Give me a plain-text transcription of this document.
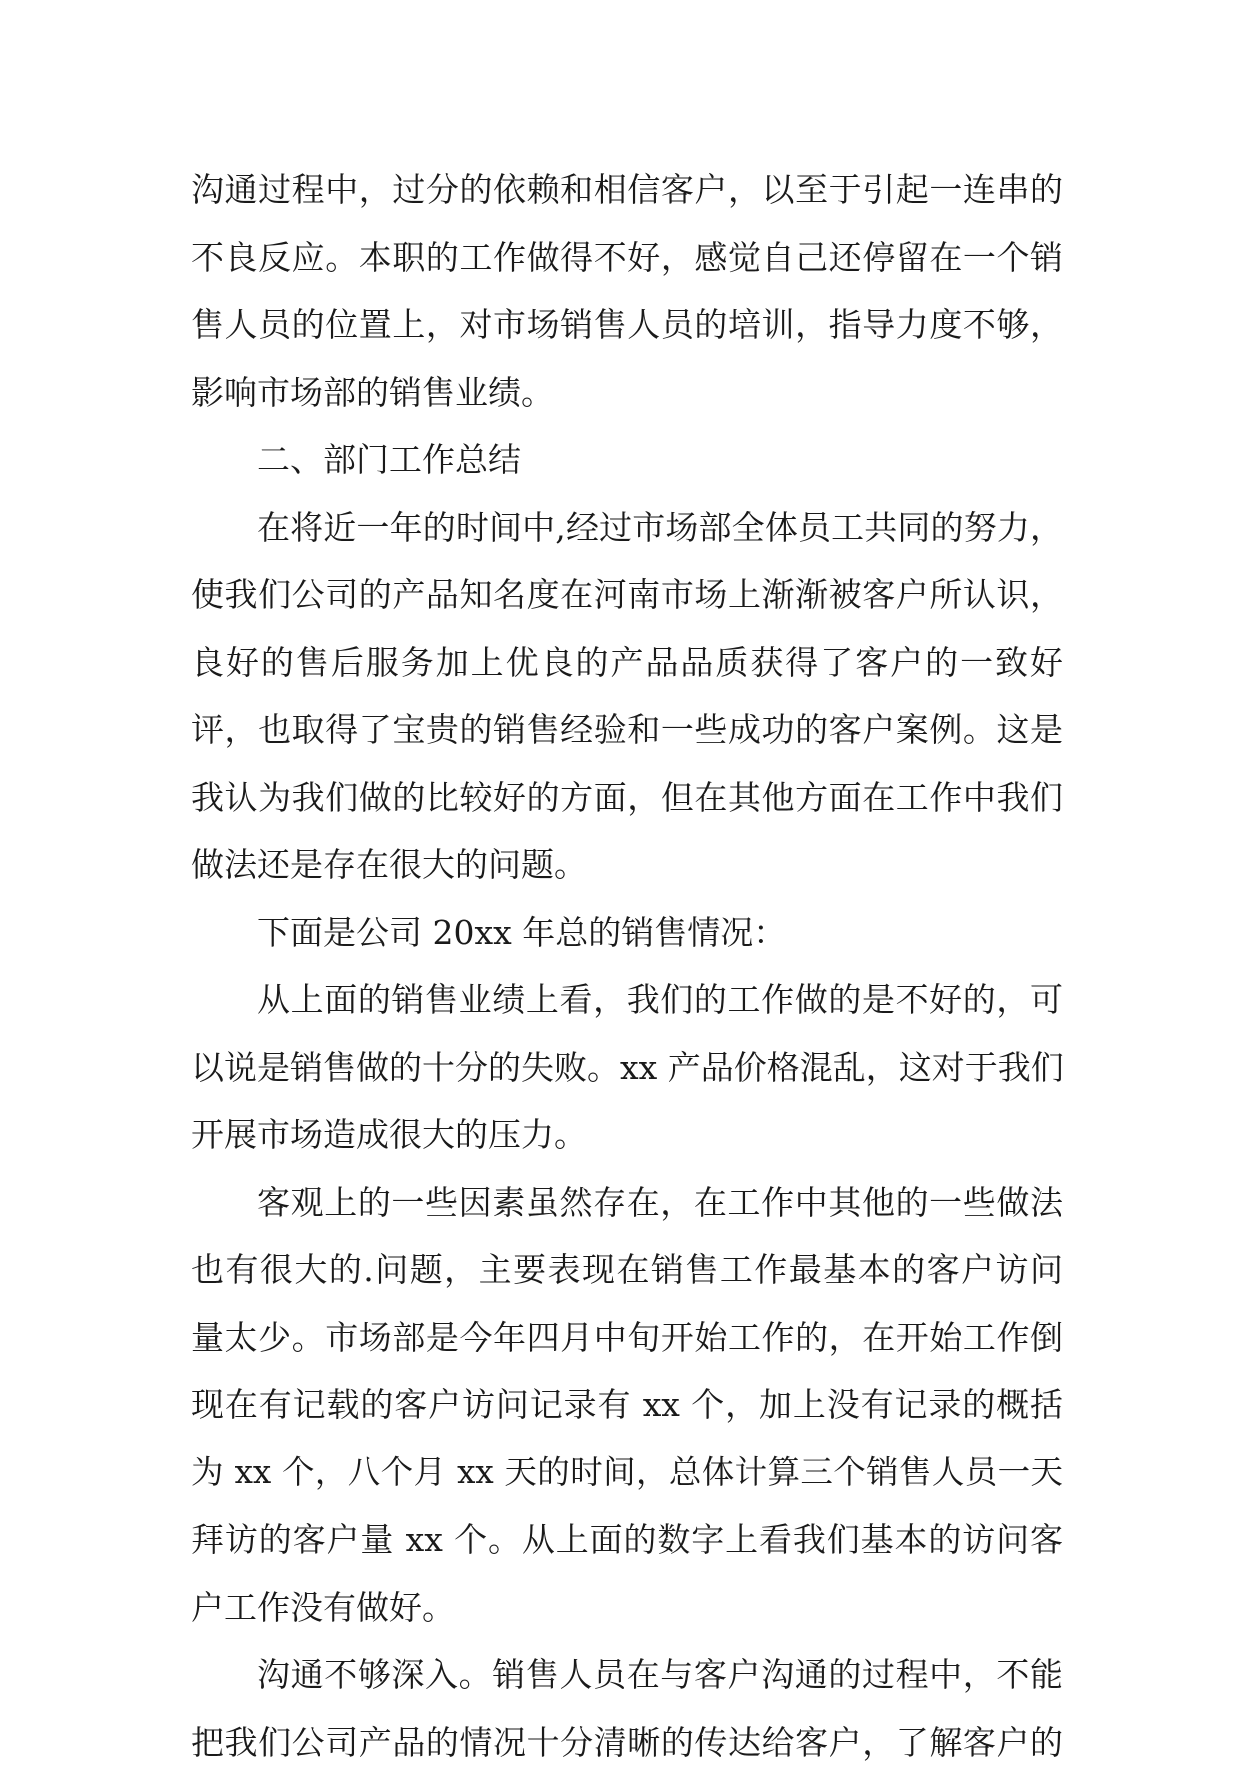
沟通过程中，过分的依赖和相信客户，以至于引起一连串的
不良反应。本职的工作做得不好，感觉自己还停留在一个销
售人员的位置上，对市场销售人员的培训，指导力度不够，
影响市场部的销售业绩。
二、部门工作总结
在将近一年的时间中,经过市场部全体员工共同的努力，
使我们公司的产品知名度在河南市场上渐渐被客户所认识，
良好的售后服务加上优良的产品品质获得了客户的一致好
评，也取得了宝贵的销售经验和一些成功的客户案例。这是
我认为我们做的比较好的方面，但在其他方面在工作中我们
做法还是存在很大的问题。
下面是公司 20xx 年总的销售情况：
从上面的销售业绩上看，我们的工作做的是不好的，可
以说是销售做的十分的失败。xx 产品价格混乱，这对于我们
开展市场造成很大的压力。
客观上的一些因素虽然存在，在工作中其他的一些做法
也有很大的.问题，主要表现在销售工作最基本的客户访问
量太少。市场部是今年四月中旬开始工作的，在开始工作倒
现在有记载的客户访问记录有 xx 个，加上没有记录的概括
为 xx 个，八个月 xx 天的时间，总体计算三个销售人员一天
拜访的客户量 xx 个。从上面的数字上看我们基本的访问客
户工作没有做好。
沟通不够深入。销售人员在与客户沟通的过程中，不能
把我们公司产品的情况十分清晰的传达给客户，了解客户的
